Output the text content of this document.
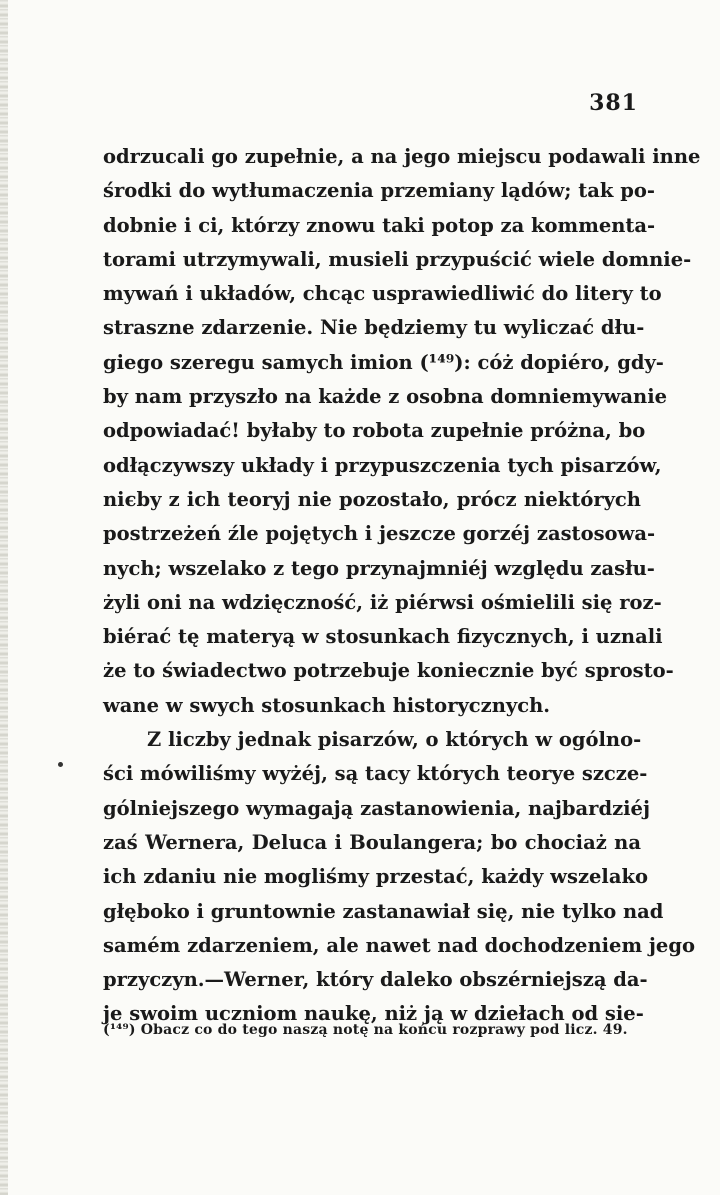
381
odrzucali go zupełnie, a na jego miejscu podawali inne
środki do wytłumaczenia przemiany lądów; tak po-
dobnie i ci, którzy znowu taki potop za kommenta-
torami utrzymywali, musieli przypuścić wiele domnie-
mywań i układów, chcąc usprawiedliwić do litery to
straszne zdarzenie. Nie będziemy tu wyliczać dłu-
giego szeregu samych imion (¹⁴⁹): cóż dopiéro, gdy-
by nam przyszło na każde z osobna domniemywanie
odpowiadać! byłaby to robota zupełnie próżna, bo
odłączywszy układy i przypuszczenia tych pisarzów,
niєby z ich teoryj nie pozostało, prócz niektórych
postrzeżeń źle pojętych i jeszcze gorzéj zastosowa-
nych; wszelako z tego przynajmniéj względu zasłu-
żyli oni na wdzięczność, iż piérwsi ośmielili się roz-
biérać tę materyą w stosunkach fizycznych, i uznali
że to świadectwo potrzebuje koniecznie być sprosto-
wane w swych stosunkach historycznych.
Z liczby jednak pisarzów, o których w ogólno-
ści mówiliśmy wyżéj, są tacy których teorye szcze-
gólniejszego wymagają zastanowienia, najbardziéj
zaś Wernera, Deluca i Boulangera; bo chociaż na
ich zdaniu nie mogliśmy przestać, każdy wszelako
głęboko i gruntownie zastanawiał się, nie tylko nad
samém zdarzeniem, ale nawet nad dochodzeniem jego
przyczyn.—Werner, który daleko obszérniejszą da-
je swoim uczniom naukę, niż ją w dziełach od sie-
(¹⁴⁹) Obacz co do tego naszą notę na końcu rozprawy pod licz. 49.
